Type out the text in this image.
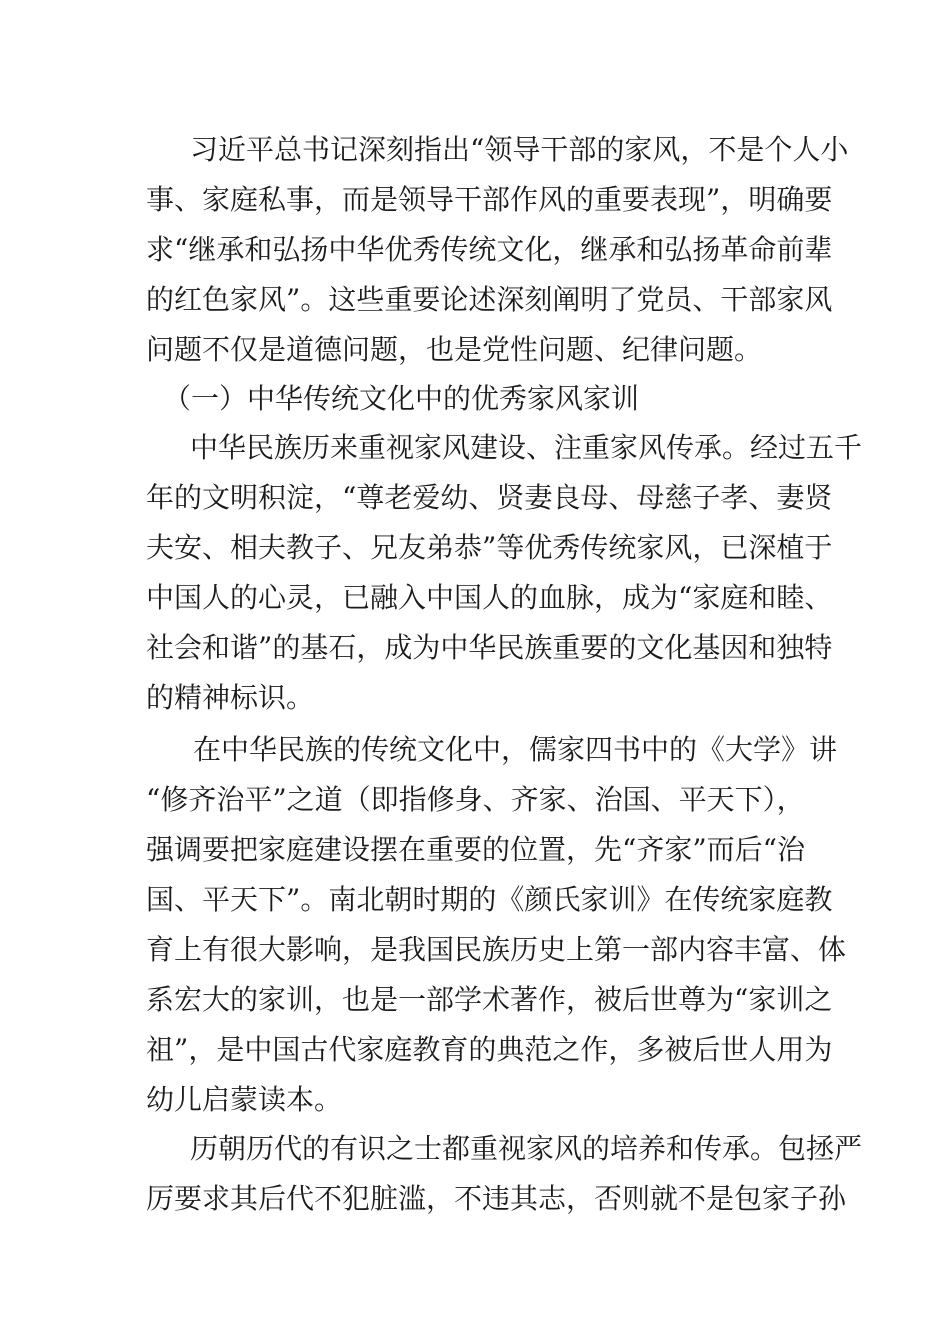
习近平总书记深刻指出“领导干部的家风，不是个人小

事、家庭私事，而是领导干部作风的重要表现”，明确要

求“继承和弘扬中华优秀传统文化，继承和弘扬革命前辈

的红色家风”。这些重要论述深刻阐明了党员、干部家风

问题不仅是道德问题，也是党性问题、纪律问题。

（一）中华传统文化中的优秀家风家训

中华民族历来重视家风建设、注重家风传承。经过五千

年的文明积淀，“尊老爱幼、贤妻良母、母慈子孝、妻贤

夫安、相夫教子、兄友弟恭”等优秀传统家风，已深植于

中国人的心灵，已融入中国人的血脉，成为“家庭和睦、

社会和谐”的基石，成为中华民族重要的文化基因和独特

的精神标识。

在中华民族的传统文化中，儒家四书中的《大学》讲

“修齐治平”之道（即指修身、齐家、治国、平天下），

强调要把家庭建设摆在重要的位置，先“齐家”而后“治

国、平天下”。南北朝时期的《颜氏家训》在传统家庭教

育上有很大影响，是我国民族历史上第一部内容丰富、体

系宏大的家训，也是一部学术著作，被后世尊为“家训之

祖”，是中国古代家庭教育的典范之作，多被后世人用为

幼儿启蒙读本。

历朝历代的有识之士都重视家风的培养和传承。包拯严

厉要求其后代不犯脏滥，不违其志，否则就不是包家子孙
